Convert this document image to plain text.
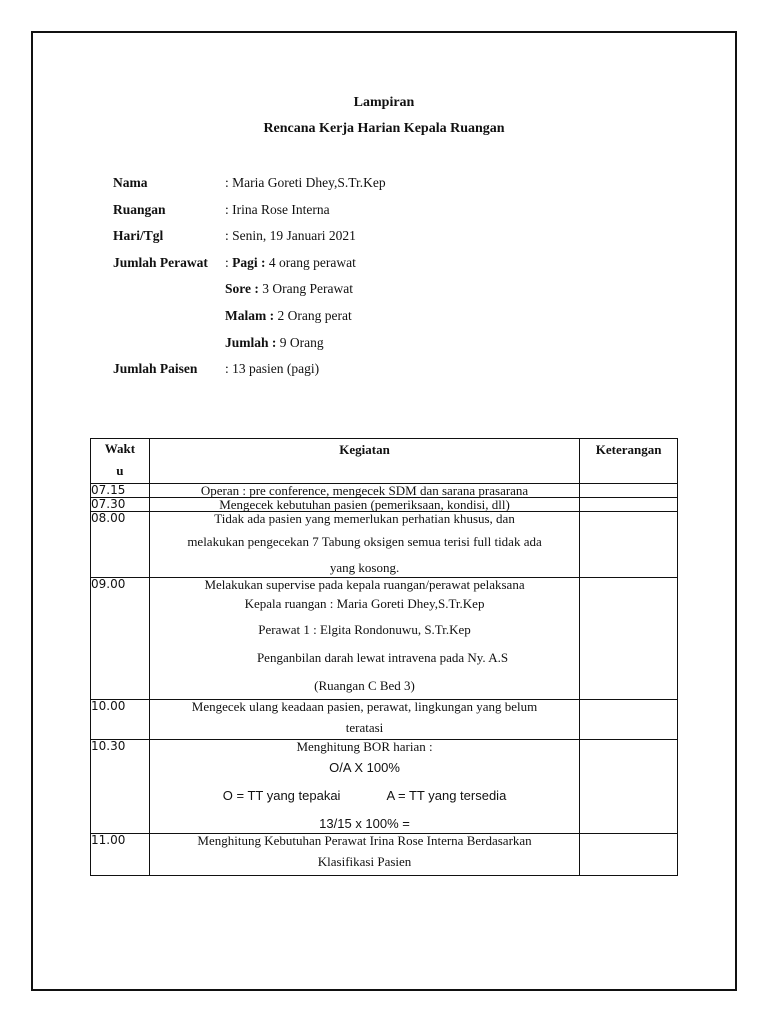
Lampiran
Rencana Kerja Harian Kepala Ruangan
Nama	: Maria Goreti Dhey,S.Tr.Kep
Ruangan	: Irina Rose Interna
Hari/Tgl	: Senin, 19 Januari 2021
Jumlah Perawat	: Pagi : 4 orang perawat
Sore : 3 Orang Perawat
Malam : 2 Orang perat
Jumlah : 9 Orang
Jumlah Paisen	: 13 pasien (pagi)
Wakt
u	Kegiatan	Keterangan
07.15	Operan : pre conference, mengecek SDM dan sarana prasarana	

07.30	Mengecek kebutuhan pasien (pemeriksaan, kondisi, dll)	

08.00	Tidak ada pasien yang memerlukan perhatian khusus, dan
melakukan pengecekan 7 Tabung oksigen semua terisi full tidak ada
yang kosong.	

09.00	Melakukan supervise pada kepala ruangan/perawat pelaksana
Kepala ruangan : Maria Goreti Dhey,S.Tr.Kep
Perawat 1 : Elgita Rondonuwu, S.Tr.Kep
Penganbilan darah lewat intravena pada Ny. A.S
(Ruangan C Bed 3)	

10.00	Mengecek ulang keadaan pasien, perawat, lingkungan yang belum
teratasi	

10.30	Menghitung BOR harian :
O/A X 100%
O = TT yang tepakai A = TT yang tersedia
13/15 x 100% =	

11.00	Menghitung Kebutuhan Perawat Irina Rose Interna Berdasarkan
Klasifikasi Pasien	
